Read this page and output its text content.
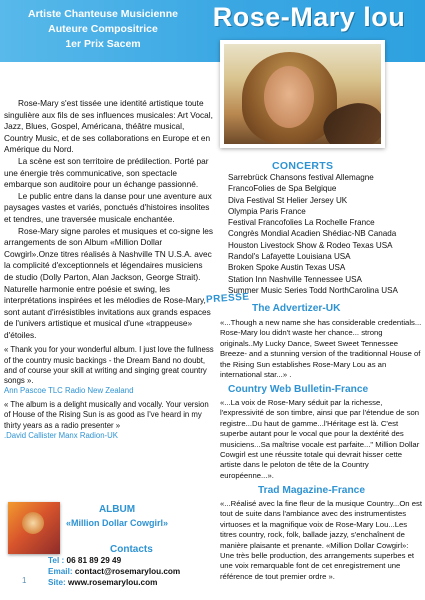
Artiste Chanteuse Musicienne
Auteure Compositrice
1er Prix Sacem
Rose-Mary lou

Rose-Mary s'est tissée une identité artistique toute singulière aux fils de ses influences musicales: Art Vocal, Jazz, Blues, Gospel, Américana, théâtre musical, Country Music, et de ses collaborations en Europe et en Amérique du Nord.

La scène est son territoire de prédilection. Porté par une énergie très communicative, son spectacle embarque son auditoire pour un échange passionné.

Le public entre dans la danse pour une aventure aux paysages vastes et variés, ponctués d'histoires insolites et tendres, une traversée musicale enchantée.

Rose-Mary signe paroles et musiques et co-signe les arrangements de son Album «Million Dollar Cowgirl».Onze titres réalisés à Nashville TN U.S.A. avec la complicité d'exceptionnels et légendaires musiciens de studio (Dolly Parton, Alan Jackson, George Strait).

Naturelle harmonie entre poésie et swing, les interprétations inspirées et les mélodies de Rose-Mary, sont autant d'irrésistibles invitations aux grands espaces de l'univers artistique et musical d'une «trappeuse» d'étoiles.

« Thank you for your wonderful album. I just love the fullness of the country music backings - the Dream Band no doubt, and of course your skill at writing and singing great country songs ».

Ann Pascoe TLC Radio New Zealand

« The album is a delight musically and vocally. Your version of House of the Rising Sun is as good as I've heard in my thirty years as a radio presenter »

.David Callister Manx Radion-UK

ALBUM
«Million Dollar Cowgirl»
Contacts
Tel : 06 81 89 29 49
Email: contact@rosemarylou.com
Site: www.rosemarylou.com
1
CONCERTS
Sarrebrück Chansons festival Allemagne
FrancoFolies de Spa Belgique
Diva Festival St Helier Jersey UK
Olympia Paris France
Festival Francofolies La Rochelle France
Congrès Mondial Acadien Shédiac-NB Canada
Houston Livestock Show & Rodeo Texas USA
Randol's Lafayette Louisiana USA
Broken Spoke Austin Texas USA
Station Inn Nashville Tennessee USA
Summer Music Series Todd NorthCarolina USA
PRESSE
The Advertizer-UK

«...Though a new name she has considerable credentials... Rose-Mary lou didn't waste her chance... strong originals..My Lucky Dance, Sweet Sweet Tennessee Breeze- and a stunning version of the traditionnal House of the Rising Sun establishes Rose-Mary Lou as an international star...» .

Country Web Bulletin-France

«...La voix de Rose-Mary séduit par la richesse, l'expressivité de son timbre, ainsi que par l'étendue de son registre...Du haut de gamme...l'Héritage est là. C'est superbe autant pour le vocal que pour la dextérité des musiciens...Sa maîtrise vocale est parfaite..." Million Dollar Cowgirl est une réussite totale qui devrait hisser cette artiste dans le peloton de tête de la Country européenne...».

Trad Magazine-France

«...Réalisé avec la fine fleur de la musique Country...On est tout de suite dans l'ambiance avec des instrumentistes virtuoses et la magnifique voix de Rose-Mary Lou...Les titres country, rock, folk, ballade jazzy, s'enchaînent de manière plaisante et prenante. «Million Dollar Cowgirl»: Une très belle production, des arrangements superbes et une voix remarquable font de cet enregistrement une référence de tout premier ordre ».
